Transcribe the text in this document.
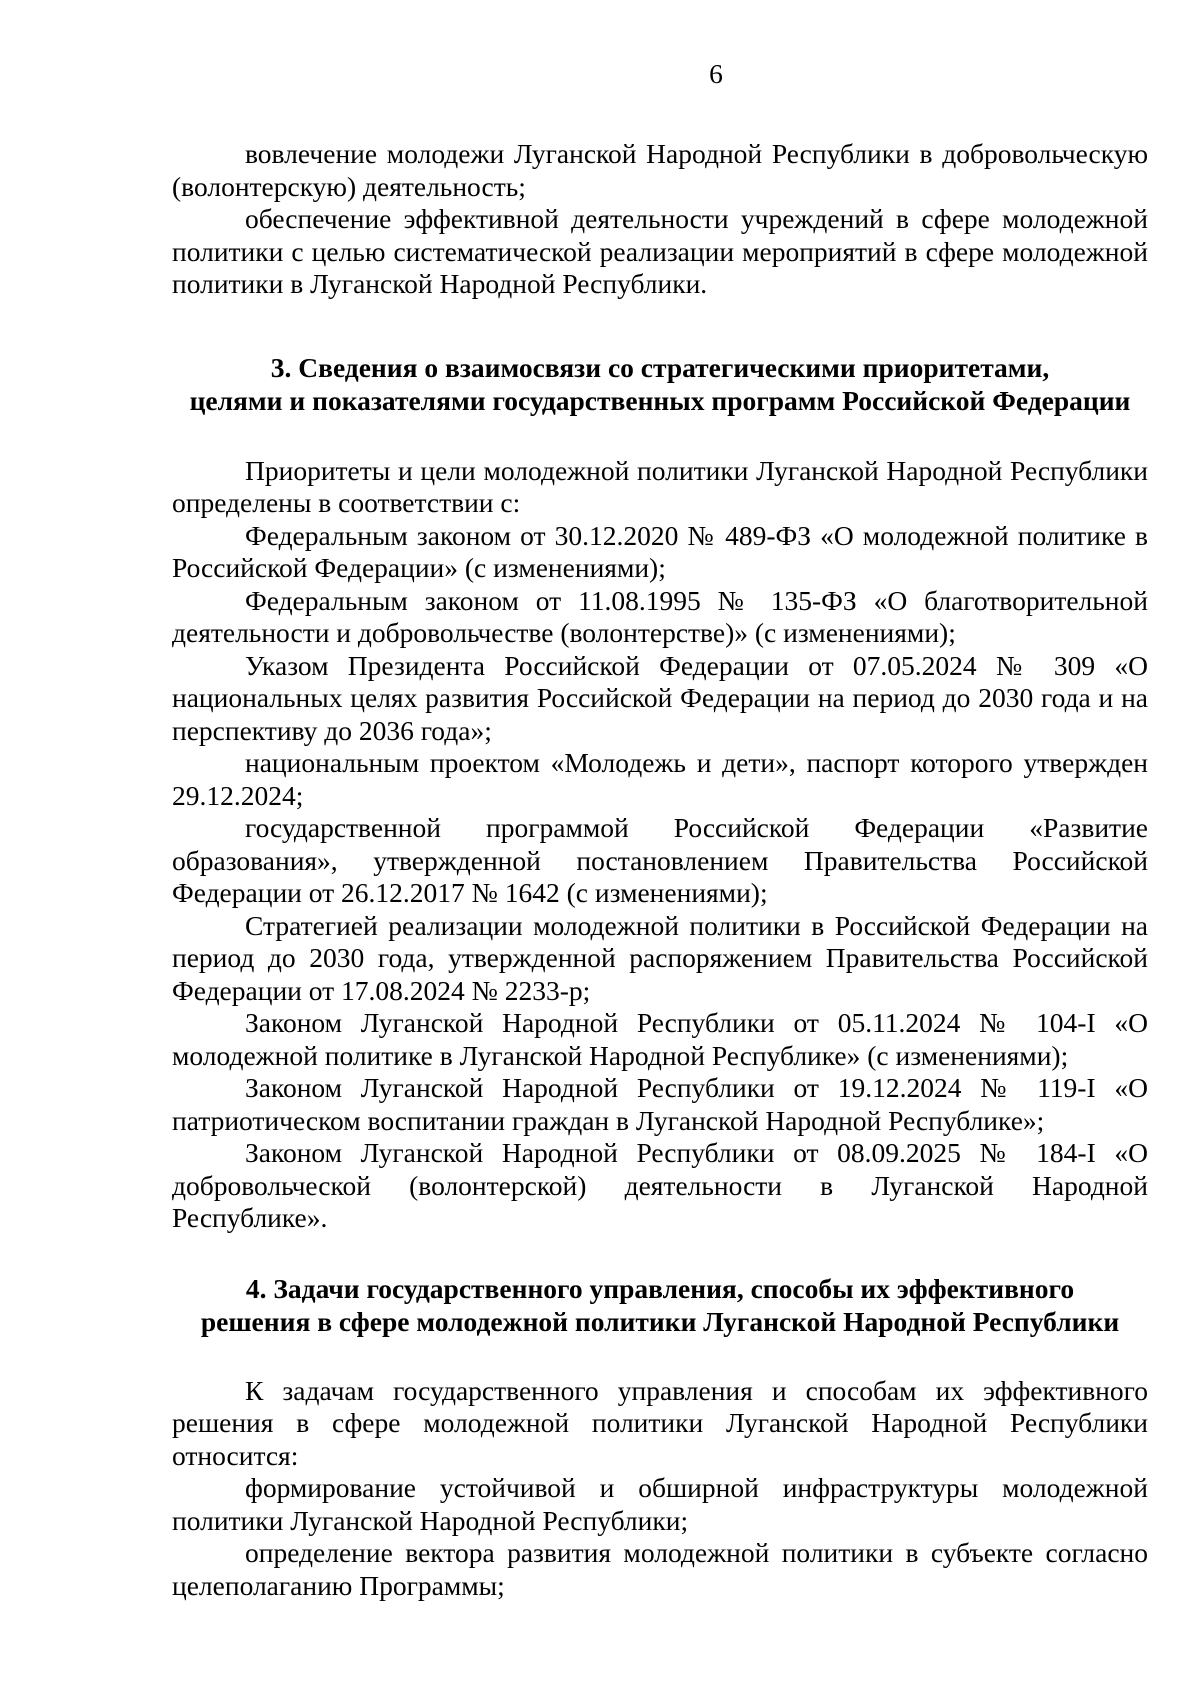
6

вовлечение молодежи Луганской Народной Республики в добровольческую (волонтерскую) деятельность;

обеспечение эффективной деятельности учреждений в сфере молодежной политики с целью систематической реализации мероприятий в сфере молодежной политики в Луганской Народной Республики.

3. Сведения о взаимосвязи со стратегическими приоритетами,
целями и показателями государственных программ Российской Федерации

Приоритеты и цели молодежной политики Луганской Народной Республики определены в соответствии с:

Федеральным законом от 30.12.2020 № 489-ФЗ «О молодежной политике в Российской Федерации» (с изменениями);

Федеральным законом от 11.08.1995 № 135-ФЗ «О благотворительной деятельности и добровольчестве (волонтерстве)» (с изменениями);

Указом Президента Российской Федерации от 07.05.2024 № 309 «О национальных целях развития Российской Федерации на период до 2030 года и на перспективу до 2036 года»;

национальным проектом «Молодежь и дети», паспорт которого утвержден 29.12.2024;

государственной программой Российской Федерации «Развитие образования», утвержденной постановлением Правительства Российской Федерации от 26.12.2017 № 1642 (с изменениями);

Стратегией реализации молодежной политики в Российской Федерации на период до 2030 года, утвержденной распоряжением Правительства Российской Федерации от 17.08.2024 № 2233-р;

Законом Луганской Народной Республики от 05.11.2024 № 104-I «О молодежной политике в Луганской Народной Республике» (с изменениями);

Законом Луганской Народной Республики от 19.12.2024 № 119-I «О патриотическом воспитании граждан в Луганской Народной Республике»;

Законом Луганской Народной Республики от 08.09.2025 № 184-I «О добровольческой (волонтерской) деятельности в Луганской Народной Республике».

4. Задачи государственного управления, способы их эффективного
решения в сфере молодежной политики Луганской Народной Республики

К задачам государственного управления и способам их эффективного решения в сфере молодежной политики Луганской Народной Республики относится:

формирование устойчивой и обширной инфраструктуры молодежной политики Луганской Народной Республики;

определение вектора развития молодежной политики в субъекте согласно целеполаганию Программы;
